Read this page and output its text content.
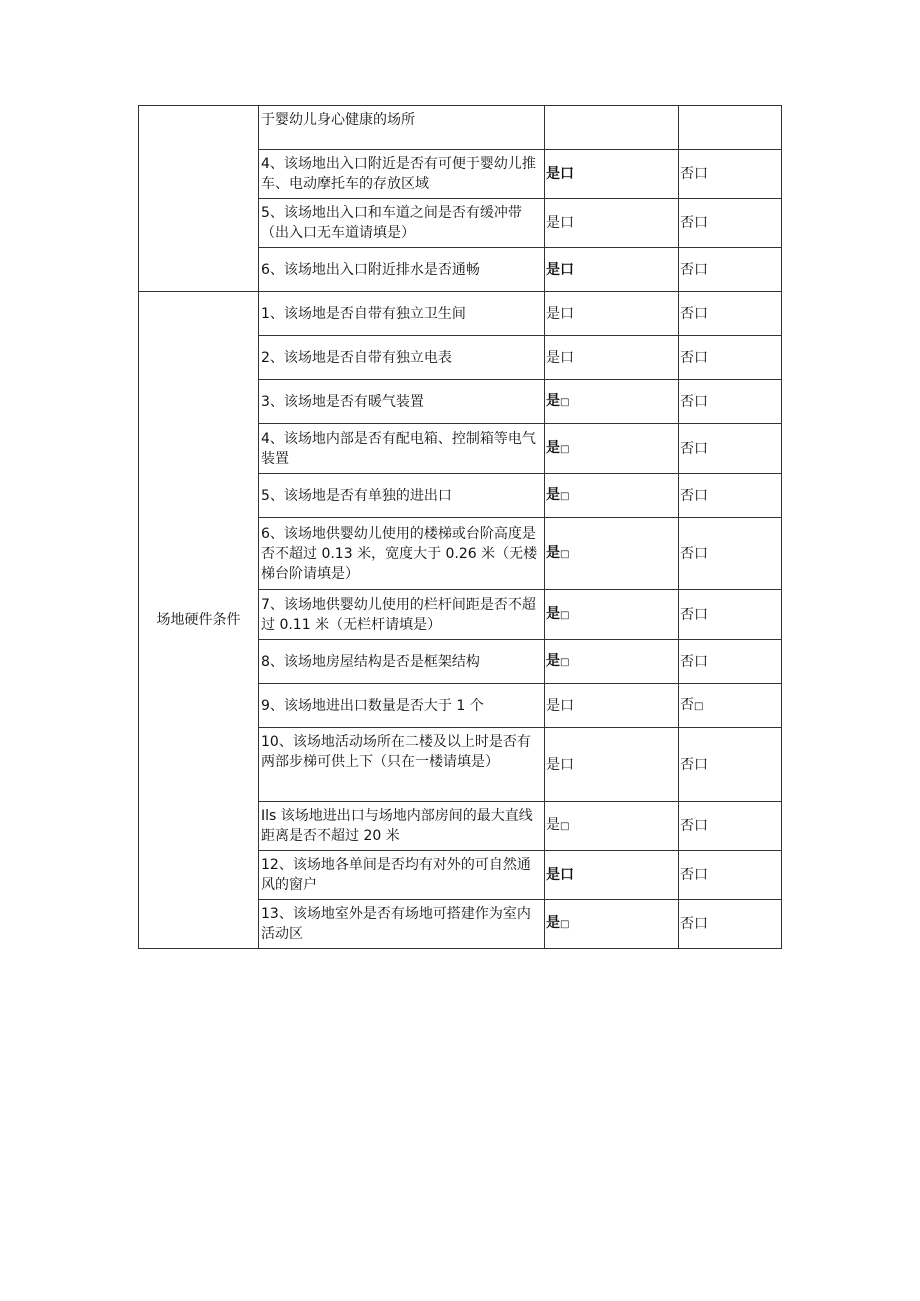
	于婴幼儿身心健康的场所		
	4、该场地出入口附近是否有可便于婴幼儿推车、电动摩托车的存放区域	是口	否口
	5、该场地出入口和车道之间是否有缓冲带（出入口无车道请填是）	是口	否口
	6、该场地出入口附近排水是否通畅	是口	否口
场地硬件条件	1、该场地是否自带有独立卫生间	是口	否口
	2、该场地是否自带有独立电表	是口	否口
	3、该场地是否有暖气装置	是□	否口
	4、该场地内部是否有配电箱、控制箱等电气装置	是□	否口
	5、该场地是否有单独的进出口	是□	否口
	6、该场地供婴幼儿使用的楼梯或台阶高度是否不超过 0.13 米，宽度大于 0.26 米（无楼梯台阶请填是）	是□	否口
	7、该场地供婴幼儿使用的栏杆间距是否不超过 0.11 米（无栏杆请填是）	是□	否口
	8、该场地房屋结构是否是框架结构	是□	否口
	9、该场地进出口数量是否大于 1 个	是口	否□
	10、该场地活动场所在二楼及以上时是否有两部步梯可供上下（只在一楼请填是）	是口	否口
	Ils 该场地进出口与场地内部房间的最大直线距离是否不超过 20 米	是□	否口
	12、该场地各单间是否均有对外的可自然通风的窗户	是口	否口
	13、该场地室外是否有场地可搭建作为室内活动区	是□	否口
